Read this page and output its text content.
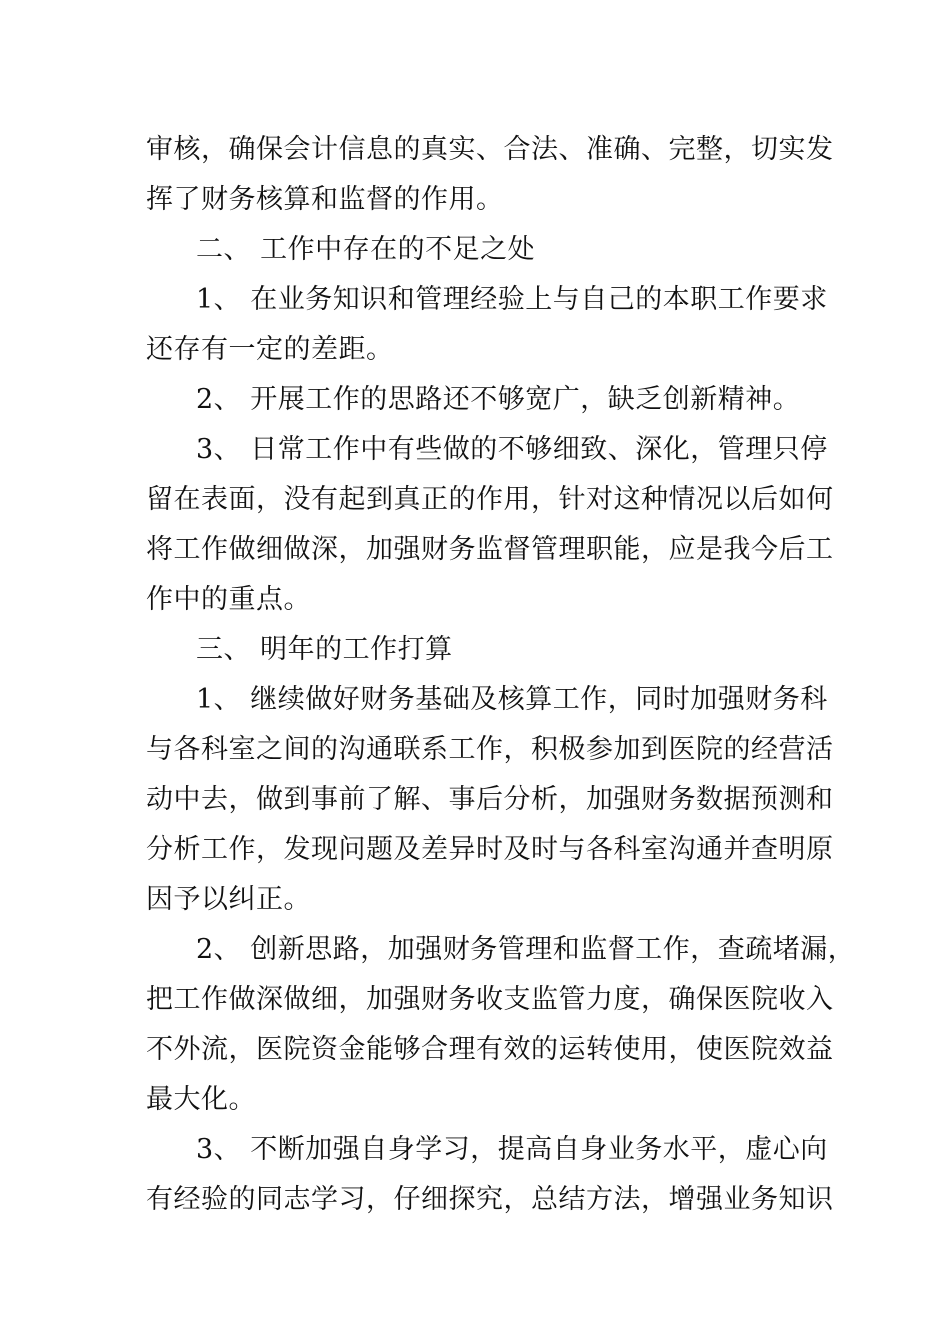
审核，确保会计信息的真实、合法、准确、完整，切实发
挥了财务核算和监督的作用。
二、 工作中存在的不足之处
1、 在业务知识和管理经验上与自己的本职工作要求
还存有一定的差距。
2、 开展工作的思路还不够宽广，缺乏创新精神。
3、 日常工作中有些做的不够细致、深化，管理只停
留在表面，没有起到真正的作用，针对这种情况以后如何
将工作做细做深，加强财务监督管理职能，应是我今后工
作中的重点。
三、 明年的工作打算
1、 继续做好财务基础及核算工作，同时加强财务科
与各科室之间的沟通联系工作，积极参加到医院的经营活
动中去，做到事前了解、事后分析，加强财务数据预测和
分析工作，发现问题及差异时及时与各科室沟通并查明原
因予以纠正。
2、 创新思路，加强财务管理和监督工作，查疏堵漏，
把工作做深做细，加强财务收支监管力度，确保医院收入
不外流，医院资金能够合理有效的运转使用，使医院效益
最大化。
3、 不断加强自身学习，提高自身业务水平，虚心向
有经验的同志学习，仔细探究，总结方法，增强业务知识
